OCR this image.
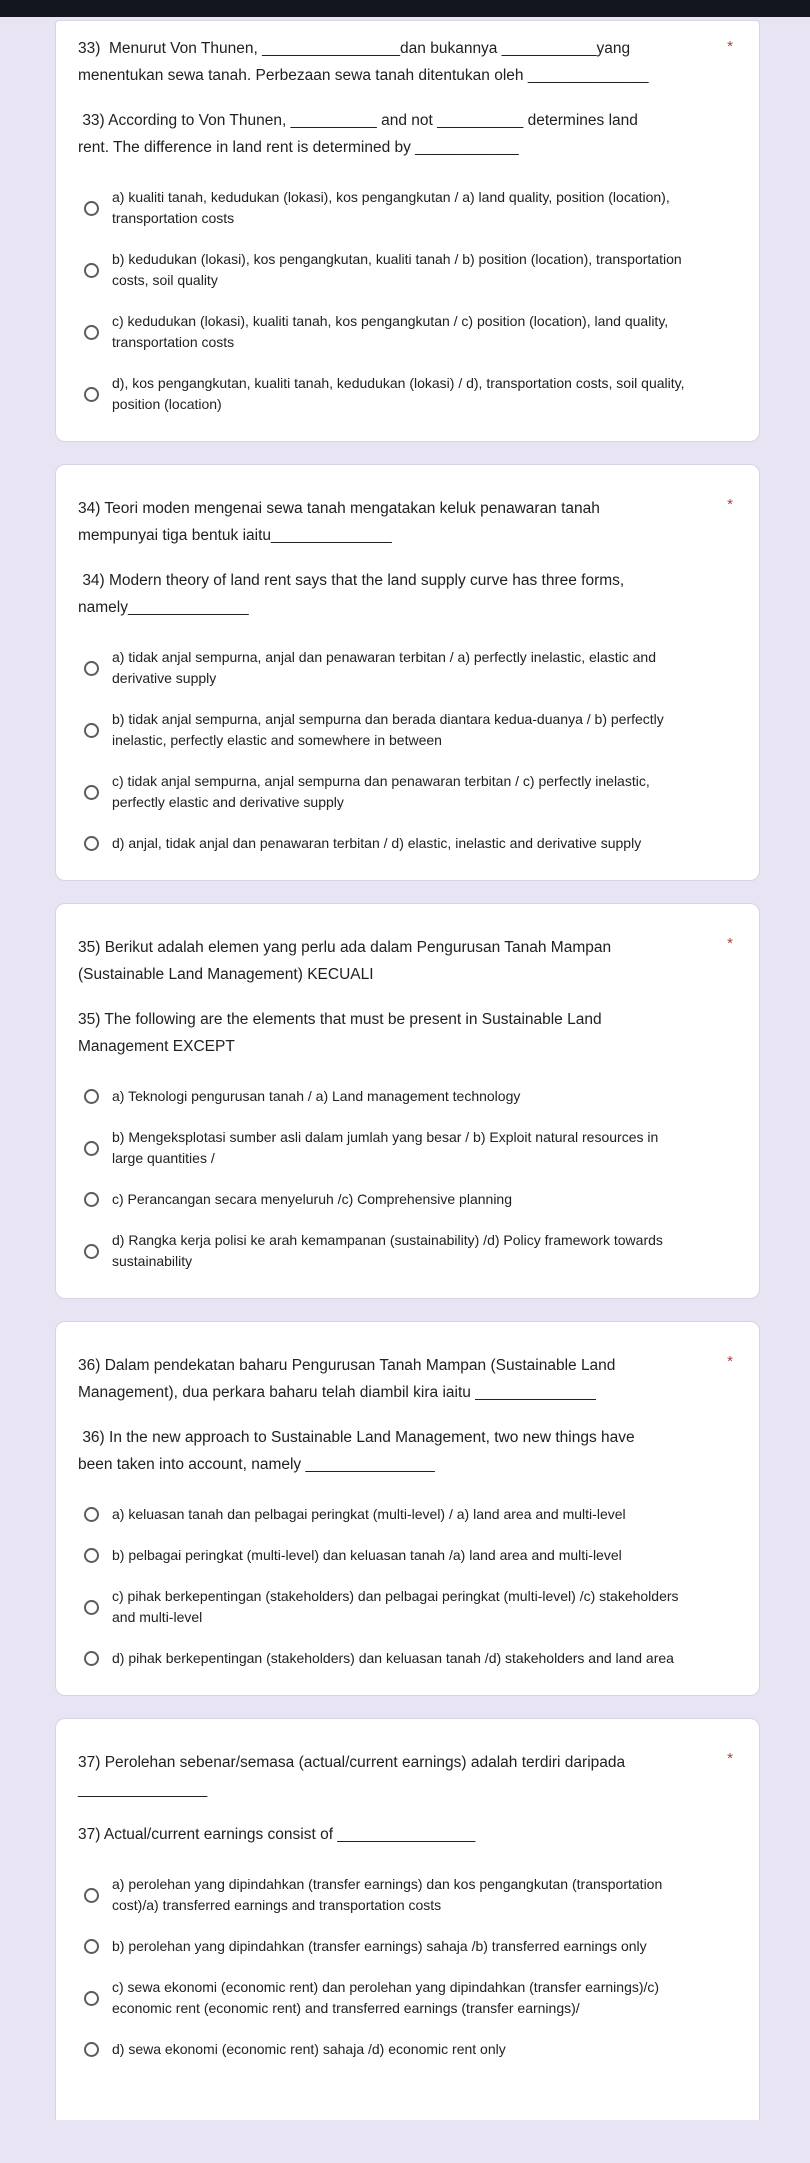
*

33)  Menurut Von Thunen, ________________dan bukannya ___________yang menentukan sewa tanah. Perbezaan sewa tanah ditentukan oleh ______________

33) According to Von Thunen, __________ and not __________ determines land rent. The difference in land rent is determined by ____________

a) kualiti tanah, kedudukan (lokasi), kos pengangkutan / a) land quality, position (location), transportation costs
b) kedudukan (lokasi), kos pengangkutan, kualiti tanah / b) position (location), transportation costs, soil quality
c) kedudukan (lokasi), kualiti tanah, kos pengangkutan / c) position (location), land quality, transportation costs
d), kos pengangkutan, kualiti tanah, kedudukan (lokasi) / d), transportation costs, soil quality, position (location)
*

34) Teori moden mengenai sewa tanah mengatakan keluk penawaran tanah mempunyai tiga bentuk iaitu______________

34) Modern theory of land rent says that the land supply curve has three forms, namely______________

a) tidak anjal sempurna, anjal dan penawaran terbitan / a) perfectly inelastic, elastic and derivative supply
b) tidak anjal sempurna, anjal sempurna dan berada diantara kedua-duanya / b) perfectly inelastic, perfectly elastic and somewhere in between
c) tidak anjal sempurna, anjal sempurna dan penawaran terbitan / c) perfectly inelastic, perfectly elastic and derivative supply
d) anjal, tidak anjal dan penawaran terbitan / d) elastic, inelastic and derivative supply
*

35) Berikut adalah elemen yang perlu ada dalam Pengurusan Tanah Mampan (Sustainable Land Management) KECUALI

35) The following are the elements that must be present in Sustainable Land Management EXCEPT

a) Teknologi pengurusan tanah / a) Land management technology
b) Mengeksplotasi sumber asli dalam jumlah yang besar / b) Exploit natural resources in large quantities /
c) Perancangan secara menyeluruh /c) Comprehensive planning
d) Rangka kerja polisi ke arah kemampanan (sustainability) /d) Policy framework towards sustainability
*

36) Dalam pendekatan baharu Pengurusan Tanah Mampan (Sustainable Land Management), dua perkara baharu telah diambil kira iaitu ______________

36) In the new approach to Sustainable Land Management, two new things have been taken into account, namely _______________

a) keluasan tanah dan pelbagai peringkat (multi-level) / a) land area and multi-level
b) pelbagai peringkat (multi-level) dan keluasan tanah /a) land area and multi-level
c) pihak berkepentingan (stakeholders) dan pelbagai peringkat (multi-level) /c) stakeholders and multi-level
d) pihak berkepentingan (stakeholders) dan keluasan tanah /d) stakeholders and land area
*

37) Perolehan sebenar/semasa (actual/current earnings) adalah terdiri daripada _______________

37) Actual/current earnings consist of ________________

a) perolehan yang dipindahkan (transfer earnings) dan kos pengangkutan (transportation cost)/a) transferred earnings and transportation costs
b) perolehan yang dipindahkan (transfer earnings) sahaja /b) transferred earnings only
c) sewa ekonomi (economic rent) dan perolehan yang dipindahkan (transfer earnings)/c) economic rent (economic rent) and transferred earnings (transfer earnings)/
d) sewa ekonomi (economic rent) sahaja /d) economic rent only
